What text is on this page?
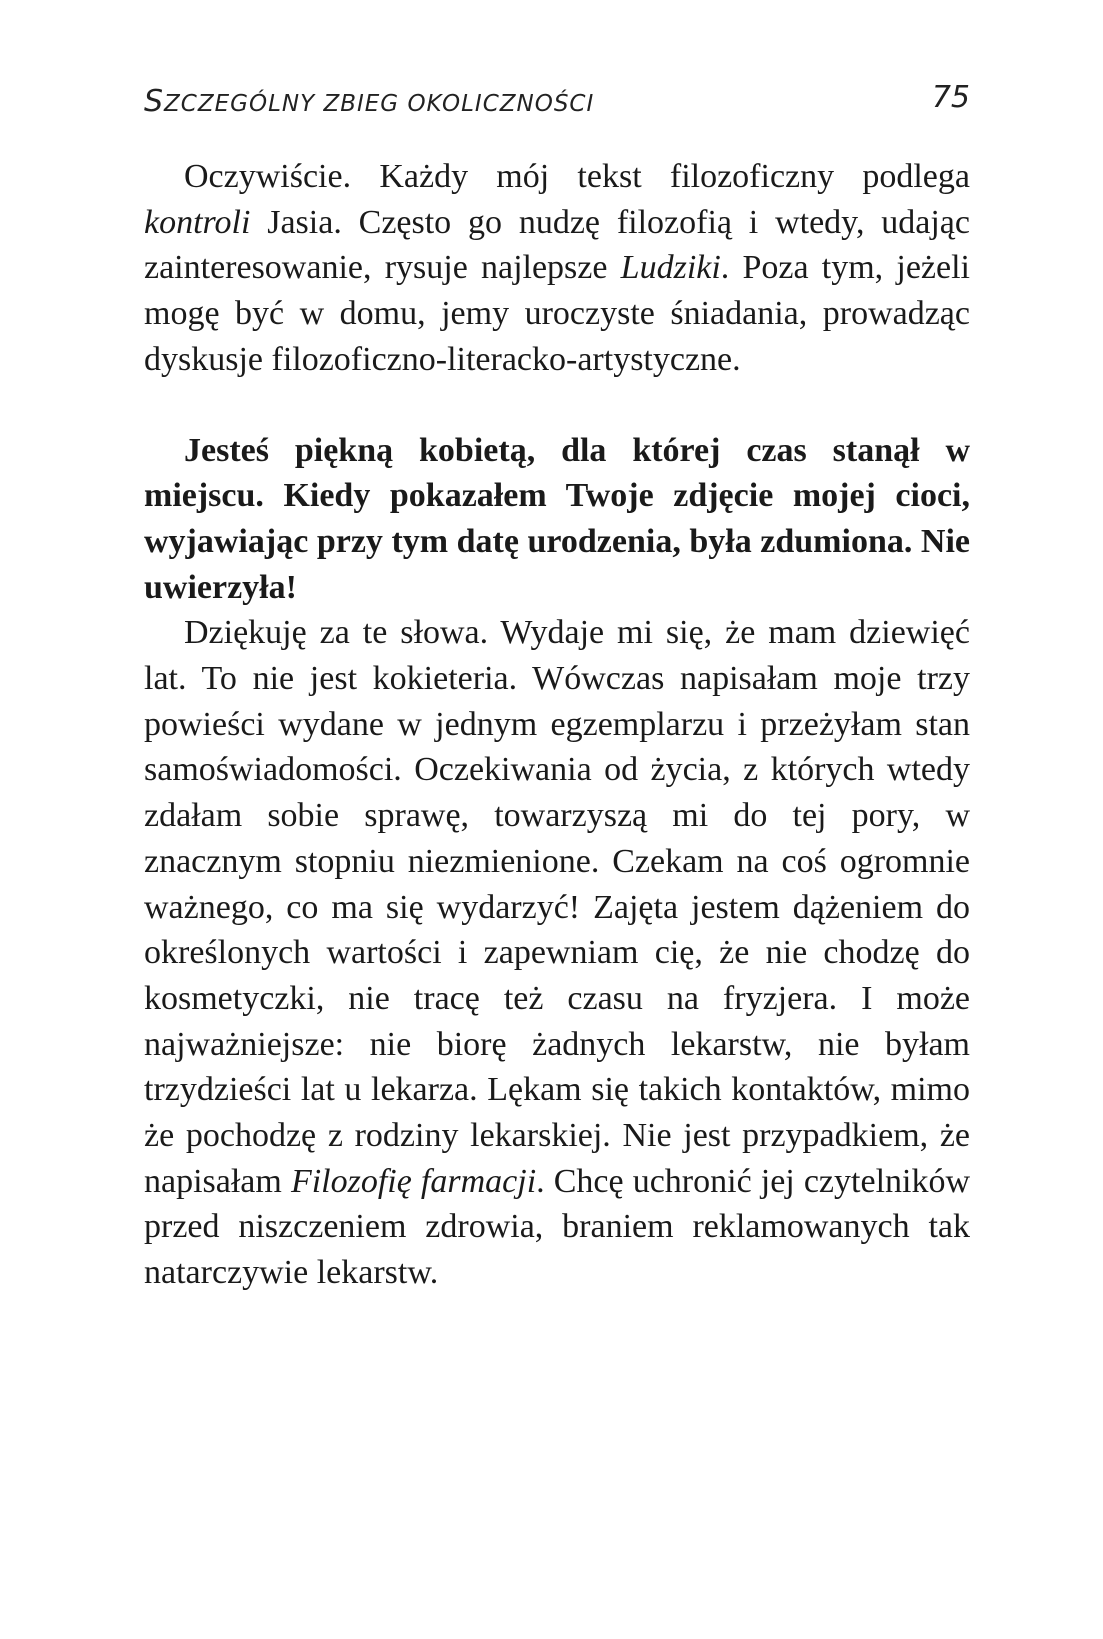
SZCZEGÓLNY ZBIEG OKOLICZNOŚCI	75

Oczywiście. Każdy mój tekst filozoficzny podlega kontroli Jasia. Często go nudzę filozofią i wtedy, udając zainteresowanie, rysuje najlepsze Ludziki. Poza tym, jeżeli mogę być w domu, jemy uroczyste śniadania, prowadząc dyskusje filozoficzno-literacko-artystyczne.

Jesteś piękną kobietą, dla której czas stanął w miejscu. Kiedy pokazałem Twoje zdjęcie mojej cioci, wyjawiając przy tym datę urodzenia, była zdumiona. Nie uwierzyła!

Dziękuję za te słowa. Wydaje mi się, że mam dziewięć lat. To nie jest kokieteria. Wówczas napisałam moje trzy powieści wydane w jednym egzemplarzu i przeżyłam stan samoświadomości. Oczekiwania od życia, z których wtedy zdałam sobie sprawę, towarzyszą mi do tej pory, w znacznym stopniu niezmienione. Czekam na coś ogromnie ważnego, co ma się wydarzyć! Zajęta jestem dążeniem do określonych wartości i zapewniam cię, że nie chodzę do kosmetyczki, nie tracę też czasu na fryzjera. I może najważniejsze: nie biorę żadnych lekarstw, nie byłam trzydzieści lat u lekarza. Lękam się takich kontaktów, mimo że pochodzę z rodziny lekarskiej. Nie jest przypadkiem, że napisałam Filozofię farmacji. Chcę uchronić jej czytelników przed niszczeniem zdrowia, braniem reklamowanych tak natarczywie lekarstw.
